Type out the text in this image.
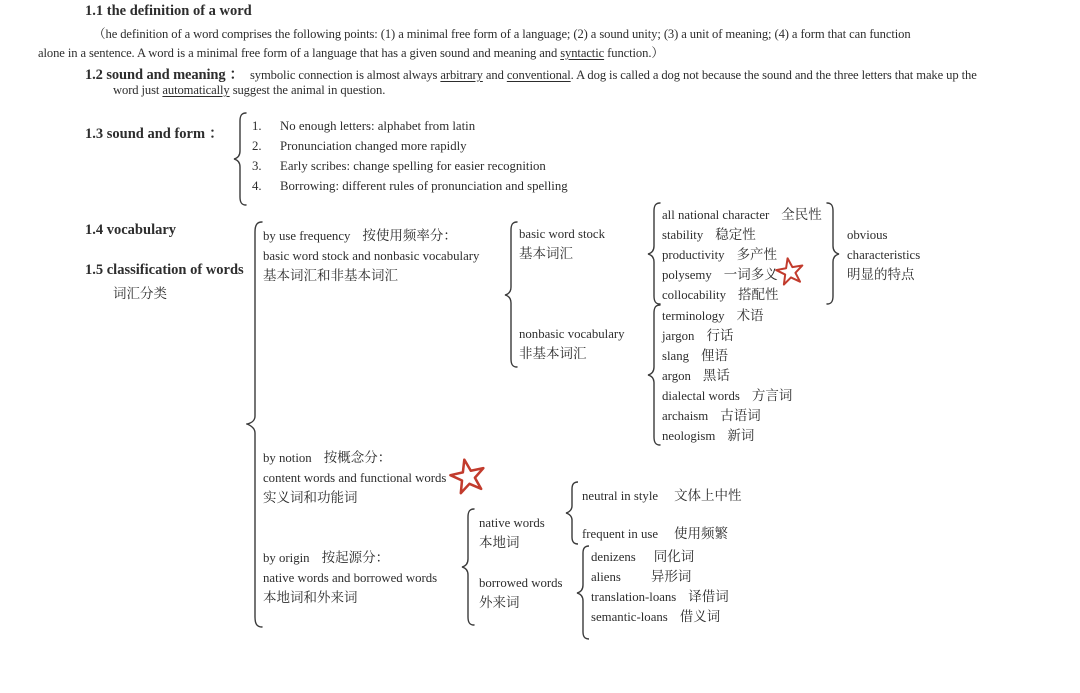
1.1 the definition of a word
（he definition of a word comprises the following points: (1) a minimal free form of a language; (2) a sound unity; (3) a unit of meaning; (4) a form that can function
alone in a sentence. A word is a minimal free form of a language that has a given sound and meaning and syntactic function.）
1.2 sound and meaning ： symbolic connection is almost always arbitrary and conventional. A dog is called a dog not because the sound and the three letters that make up the
word just automatically suggest the animal in question.
1.3 sound and form ：	1. No enough letters: alphabet from latin
2. Pronunciation changed more rapidly
3. Early scribes: change spelling for easier recognition
4. Borrowing: different rules of pronunciation and spelling
1.4 vocabulary
1.5 classification of words
词汇分类
by use frequency 按使用频率分：
basic word stock and nonbasic vocabulary
基本词汇和非基本词汇
basic word stock
基本词汇
nonbasic vocabulary
非基本词汇
all national character 全民性
stability 稳定性
productivity 多产性
polysemy 一词多义
collocability 搭配性
obvious
characteristics
明显的特点
terminology 术语
jargon 行话
slang 俚语
argon 黑话
dialectal words 方言词
archaism 古语词
neologism 新词
by notion 按概念分：
content words and functional words
实义词和功能词
by origin 按起源分：
native words and borrowed words
本地词和外来词
native words
本地词
borrowed words
外来词
neutral in style 文体上中性
frequent in use 使用频繁
denizens 同化词
aliens 异形词
translation-loans 译借词
semantic-loans 借义词
